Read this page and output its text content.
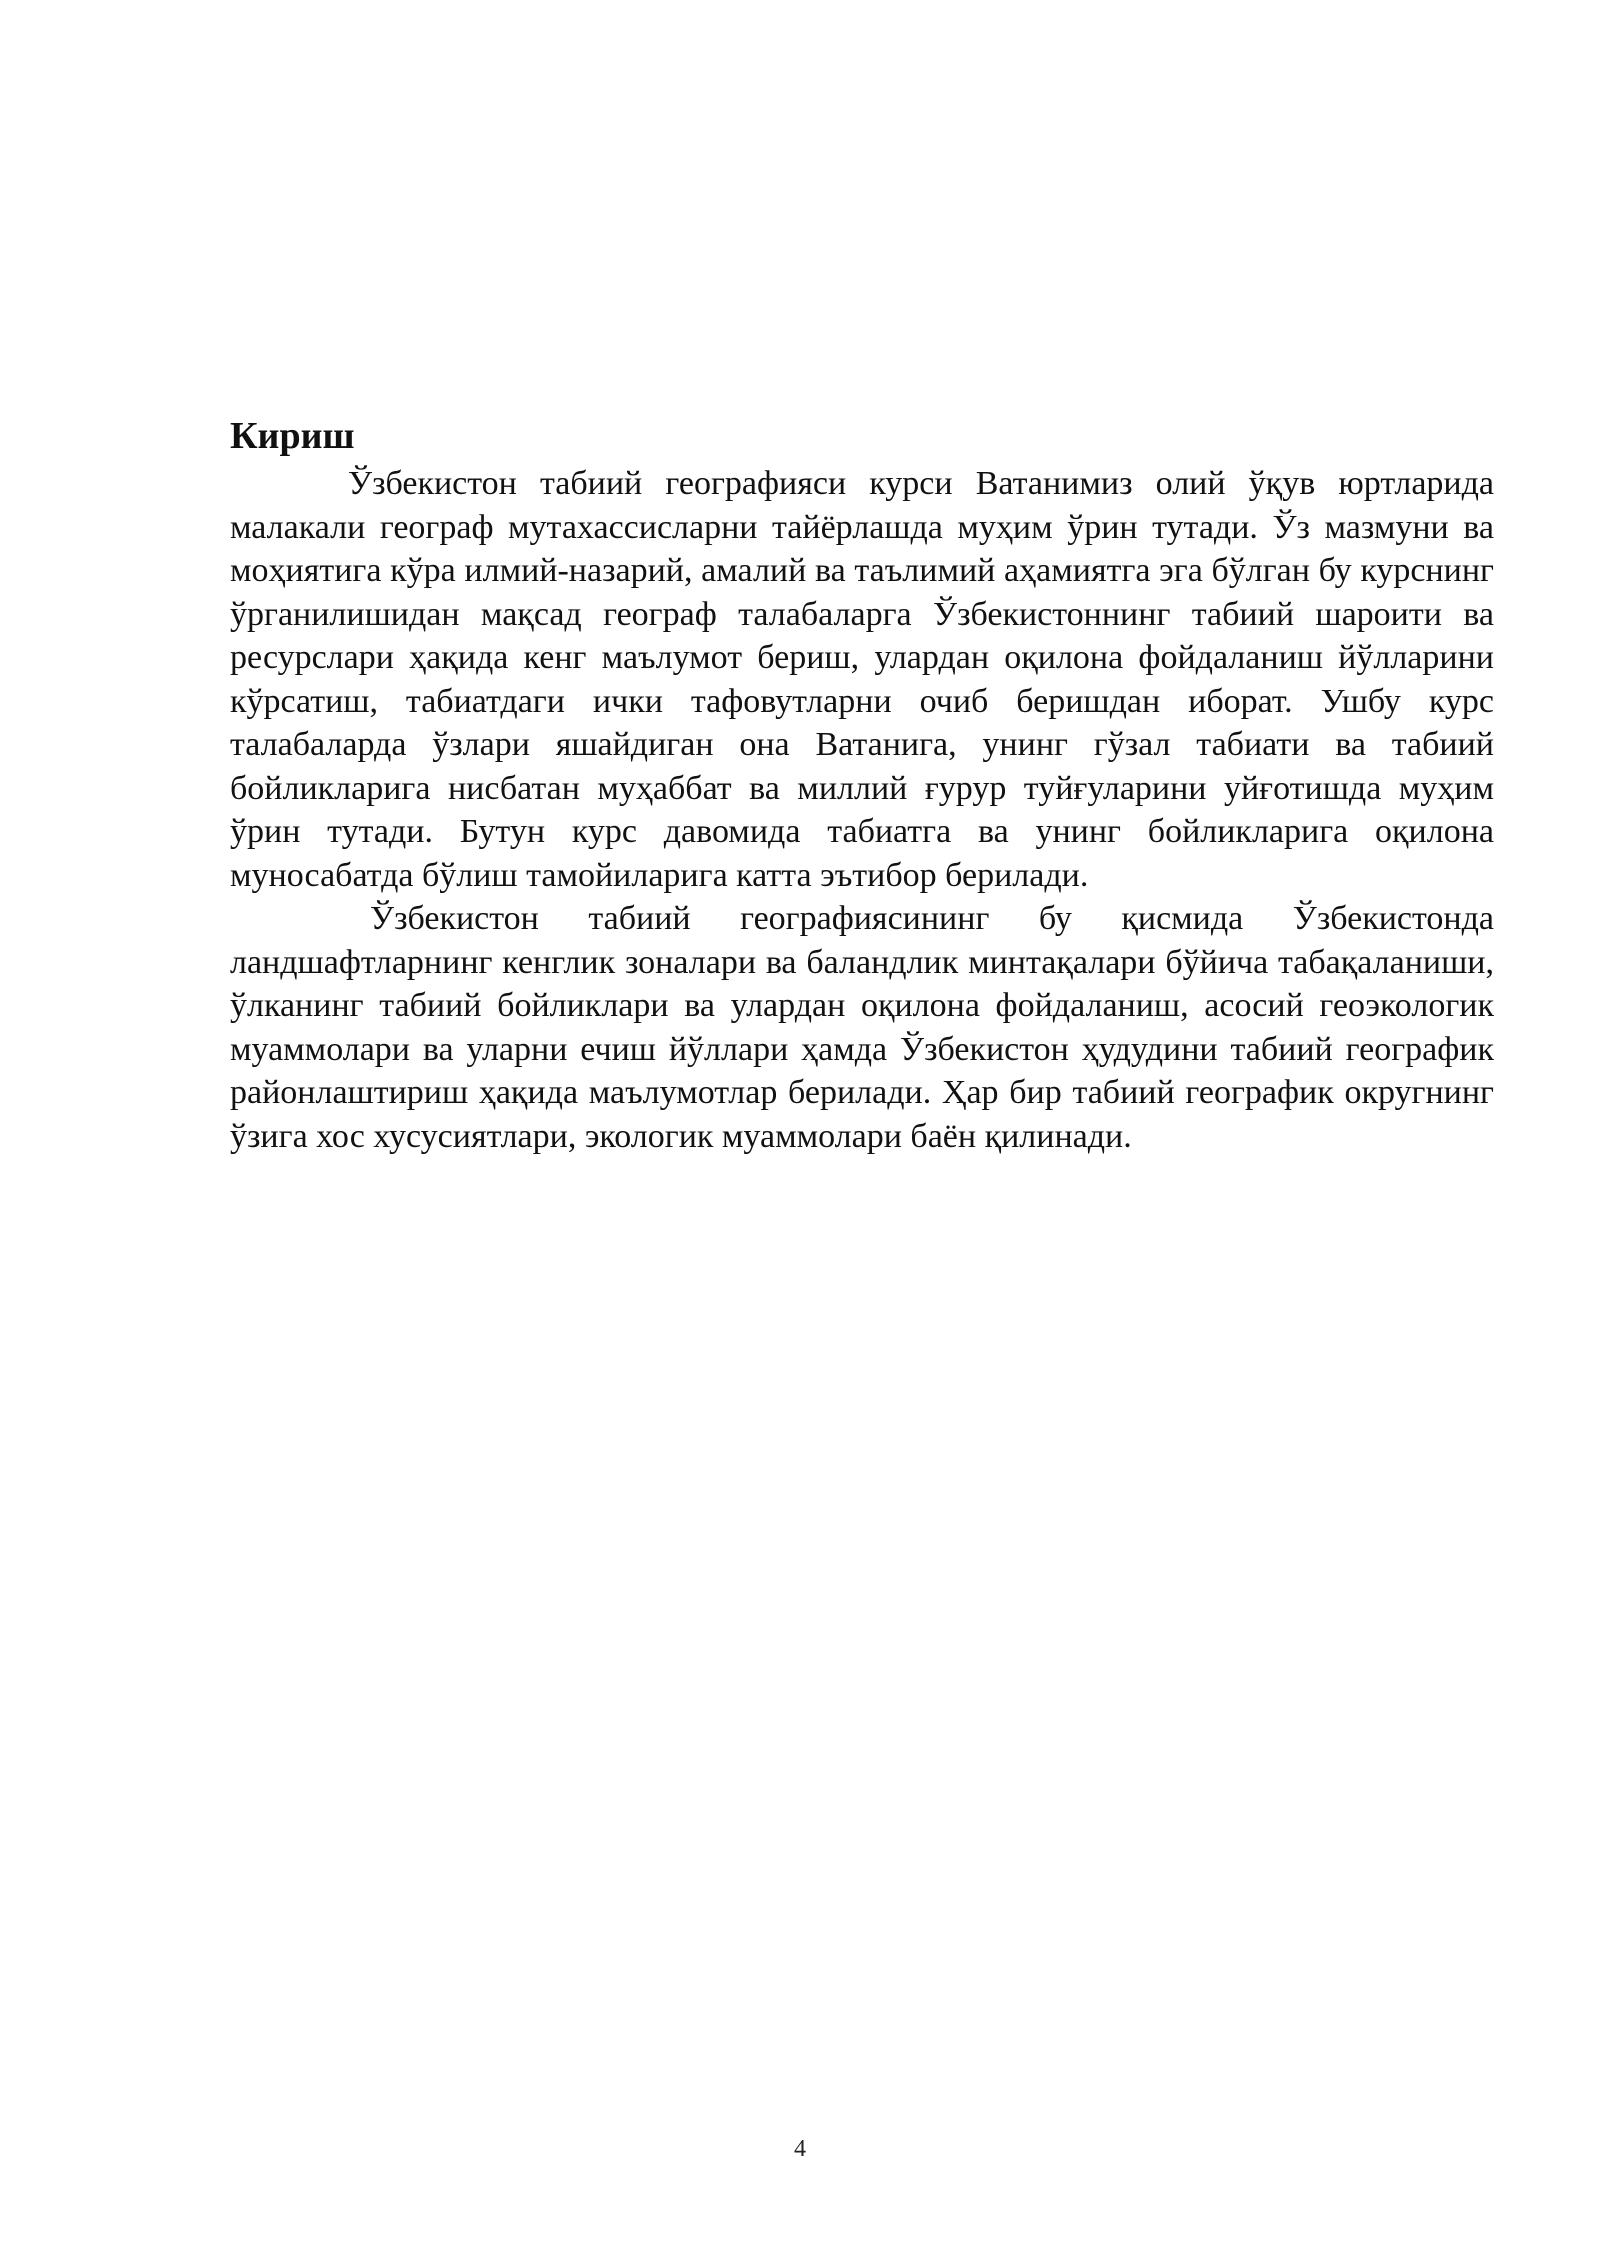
Кириш

Ўзбекистон табиий географияси курси Ватанимиз олий ўқув юртларида малакали географ мутахассисларни тайёрлашда муҳим ўрин тутади. Ўз мазмуни ва моҳиятига кўра илмий-назарий, амалий ва таълимий аҳамиятга эга бўлган бу курснинг ўрганилишидан мақсад географ талабаларга Ўзбекистоннинг табиий шароити ва ресурслари ҳақида кенг маълумот бериш, улардан оқилона фойдаланиш йўлларини кўрсатиш, табиатдаги ички тафовутларни очиб беришдан иборат. Ушбу курс талабаларда ўзлари яшайдиган она Ватанига, унинг гўзал табиати ва табиий бойликларига нисбатан муҳаббат ва миллий ғурур туйғуларини уйғотишда муҳим ўрин тутади. Бутун курс давомида табиатга ва унинг бойликларига оқилона муносабатда бўлиш тамойиларига катта эътибор берилади.

Ўзбекистон табиий географиясининг бу қисмида Ўзбекистонда ландшафтларнинг кенглик зоналари ва баландлик минтақалари бўйича табақаланиши, ўлканинг табиий бойликлари ва улардан оқилона фойдаланиш, асосий геоэкологик муаммолари ва уларни ечиш йўллари ҳамда Ўзбекистон ҳудудини табиий географик районлаштириш ҳақида маълумотлар берилади. Ҳар бир табиий географик округнинг ўзига хос хусусиятлари, экологик муаммолари баён қилинади.

4
